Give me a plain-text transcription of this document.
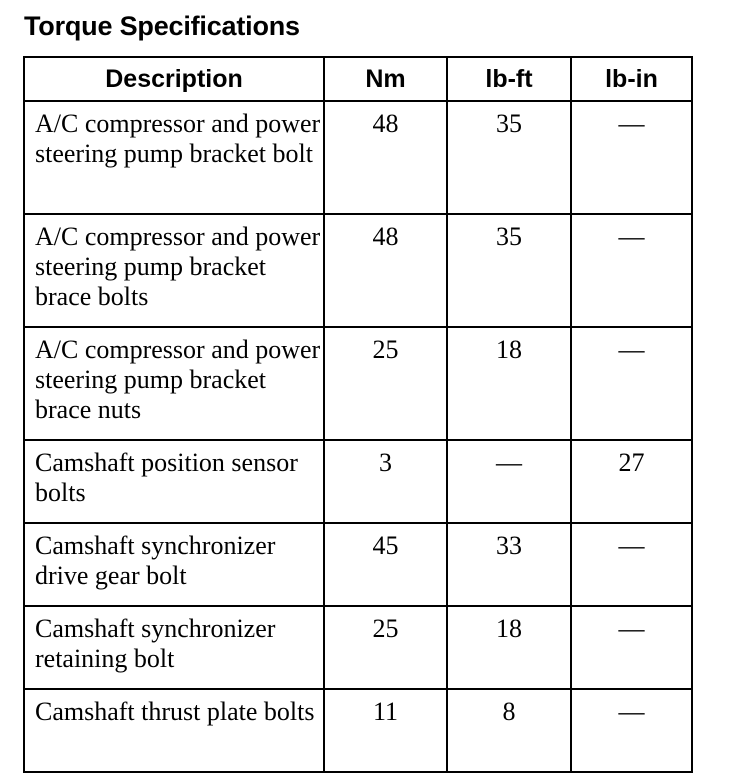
Torque Specifications
Description	Nm	lb-ft	lb-in
A/C compressor and power steering pump bracket bolt	48	35	—
A/C compressor and power steering pump bracket brace bolts	48	35	—
A/C compressor and power steering pump bracket brace nuts	25	18	—
Camshaft position sensor bolts	3	—	27
Camshaft synchronizer drive gear bolt	45	33	—
Camshaft synchronizer retaining bolt	25	18	—
Camshaft thrust plate bolts	11	8	—
